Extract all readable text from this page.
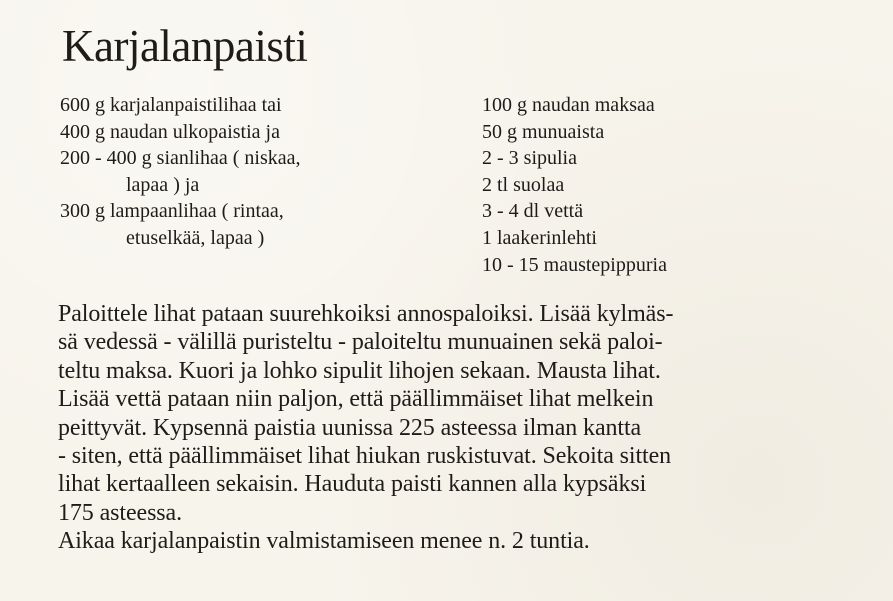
Karjalanpaisti
600 g karjalanpaistilihaa tai
400 g naudan ulkopaistia ja
200 - 400 g sianlihaa ( niskaa,
lapaa ) ja
300 g lampaanlihaa ( rintaa,
etuselkää, lapaa )
100 g naudan maksaa
50 g munuaista
2 - 3 sipulia
2 tl suolaa
3 - 4 dl vettä
1 laakerinlehti
10 - 15 maustepippuria
Paloittele lihat pataan suurehkoiksi annospaloiksi. Lisää kylmäs-
sä vedessä - välillä puristeltu - paloiteltu munuainen sekä paloi-
teltu maksa. Kuori ja lohko sipulit lihojen sekaan. Mausta lihat.
Lisää vettä pataan niin paljon, että päällimmäiset lihat melkein
peittyvät. Kypsennä paistia uunissa 225 asteessa ilman kantta
- siten, että päällimmäiset lihat hiukan ruskistuvat. Sekoita sitten
lihat kertaalleen sekaisin. Hauduta paisti kannen alla kypsäksi
175 asteessa.
Aikaa karjalanpaistin valmistamiseen menee n. 2 tuntia.
